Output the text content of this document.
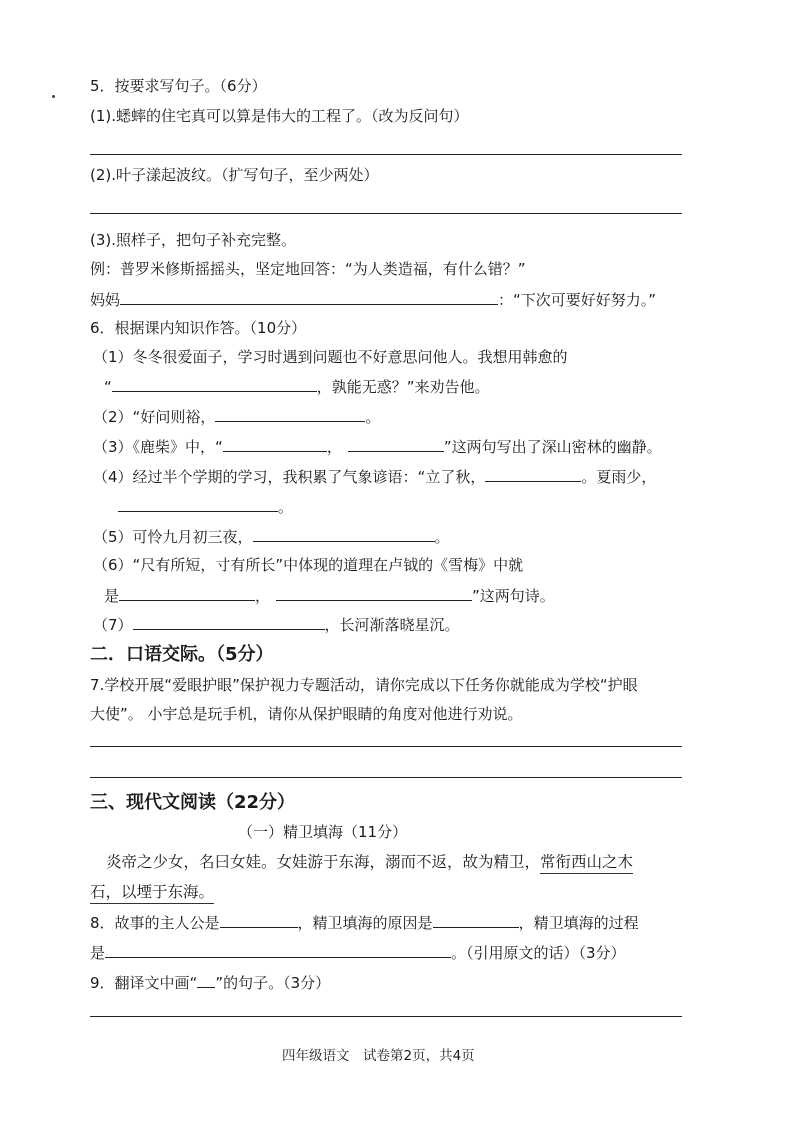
5．按要求写句子。（6分）
(1).蟋蟀的住宅真可以算是伟大的工程了。（改为反问句）
(2).叶子漾起波纹。（扩写句子，至少两处）
(3).照样子，把句子补充完整。
例：普罗米修斯摇摇头，坚定地回答：“为人类造福，有什么错？”
妈妈	：“下次可要好好努力。”
6．根据课内知识作答。（10分）
（1）冬冬很爱面子，学习时遇到问题也不好意思问他人。我想用韩愈的
“	，孰能无惑？”来劝告他。
（2）“好问则裕，	。
（3）《鹿柴》中，“	，	”这两句写出了深山密林的幽静。
（4）经过半个学期的学习，我积累了气象谚语：“立了秋，	。夏雨少，
。
（5）可怜九月初三夜，	。
（6）“尺有所短，寸有所长”中体现的道理在卢钺的《雪梅》中就
是	，	”这两句诗。
（7）	，长河渐落晓星沉。
二．口语交际。（5分）
7.学校开展“爱眼护眼”保护视力专题活动，请你完成以下任务你就能成为学校“护眼
大使”。 小宇总是玩手机，请你从保护眼睛的角度对他进行劝说。
三、现代文阅读（22分）
（一）精卫填海（11分）
炎帝之少女，名曰女娃。女娃游于东海，溺而不返，故为精卫，常衔西山之木
石，以堙于东海。
8．故事的主人公是	，精卫填海的原因是	，精卫填海的过程
是	。（引用原文的话）（3分）
9．翻译文中画“ ”的句子。（3分）
四年级语文　试卷第2页，共4页
